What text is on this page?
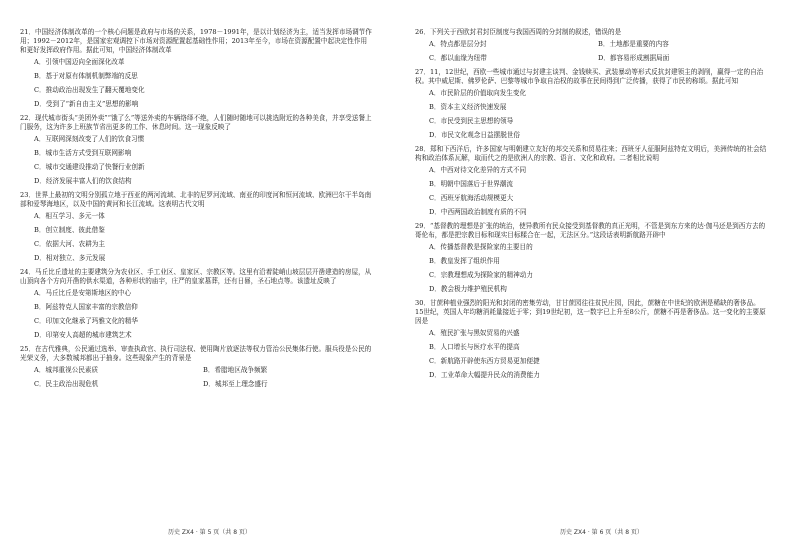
21．中国经济体制改革的一个核心问题是政府与市场的关系，1978－1991年，是以计划经济为主，适当发挥市场调节作用；1992－2012年，是国家宏观调控下市场对资源配置起基础性作用；2013年至今，市场在资源配置中起决定性作用和更好发挥政府作用。据此可知，中国经济体制改革
A．引领中国迈向全面深化改革
B．基于对原有体制机制弊端的反思
C．推动政治出现发生了翻天覆地变化
D．受到了“新自由主义”思想的影响
22．现代城市街头“美团外卖”“饿了么”等送外卖的车辆络绎不绝，人们随时随地可以挑选附近的各种美食，并享受送餐上门服务，这为许多上班族节省出更多的工作、休息时间。这一现象反映了
A．互联网深刻改变了人们的饮食习惯
B．城市生活方式受到互联网影响
C．城市交通建设推动了快餐行业创新
D．经济发展丰富人们的饮食结构
23．世界上最初的文明分别孤立地于西亚的两河流域、北非的尼罗河流域、南亚的印度河和恒河流域、欧洲巴尔干半岛南部和爱琴海地区，以及中国的黄河和长江流域。这表明古代文明
A．相互学习、多元一体
B．创立制度、彼此借鉴
C．依据大河、农耕为主
D．相对独立、多元发展
24．马丘比丘遗址的主要建筑分为农业区、手工业区、皇家区、宗教区等。这里有沿着陡峭山坡层层开凿建造的房屋，从山顶向各个方向开凿的供水渠道，各种形状的庙宇，庄严的皇家墓葬，还有日晷，圣石地点等。该遗址反映了
A．马丘比丘是安第斯地区的中心
B．阿兹特克人国家丰富的宗教信仰
C．印加文化继承了玛雅文化的精华
D．印第安人高超的城市建筑艺术
25．在古代雅典，公民通过选举、审查执政官、执行司法权、使用陶片放逐法等权力管治公民集体行使。服兵役是公民的光荣义务，大多数城邦都出于抽身。这些现象产生的背景是
A．城邦重视公民素质	B．希腊地区战争频繁
C．民主政治出现危机	D．城邦至上理念盛行
26．下列关于西欧封君封臣制度与我国西周的分封制的叙述，错误的是
A．特点都是层分封	B．土地都是重要的内容
C．都以血缘为纽带	D．都容易形成割据局面
27．11，12世纪，西欧一些城市通过与封建主谈判、金钱赎买、武装暴动等形式反抗封建领主的剥削，赢得一定的自治权。其中威尼斯、佛罗伦萨、巴黎等城市争取自治权的故事在民间得到广泛传播，获得了市民的称颂。据此可知
A．市民阶层的价值取向发生变化
B．资本主义经济快速发展
C．市民受到民主思想的领导
D．市民文化观念日益摆脱世俗
28．郑和下西洋后，许多国家与明朝建立友好的邦交关系和贸易往来；西班牙人征服阿兹特克文明后，美洲传统的社会结构和政治体系瓦解，取而代之的是欧洲人的宗教、语言、文化和政府。二者相比说明
A．中西对待文化差异的方式不同
B．明朝中国落后于世界潮流
C．西班牙航海活动规模更大
D．中西两国政治制度有质的不同
29．“基督教的理想是扩张的统治，使异教所有民众接受到基督教的真正光明，不管是到东方来的达·伽马还是到西方去的哥伦布，都是把宗教目标和现实目标糅合在一起，无法区分。”这段话表明新航路开辟中
A．传播基督教是探险家的主要目的
B．教皇发挥了组织作用
C．宗教理想成为探险家的精神动力
D．教会极力维护殖民机构
30．甘蔗种植业强烈的阳光和封闭的密集劳动，甘甘蔗园往往贫民庄园，因此，蔗糖在中世纪的欧洲是稀缺的奢侈品。15世纪，英国人年均糖消耗量接近于零；到19世纪初，这一数字已上升至8公斤，蔗糖不再是奢侈品。这一变化的主要原因是
A．殖民扩张与黑奴贸易的兴盛
B．人口增长与医疗水平的提高
C．新航路开辟使东西方贸易更加便捷
D．工业革命大幅提升民众的消费能力
历史 ZX4 · 第 5 页（共 8 页）	历史 ZX4 · 第 6 页（共 8 页）
